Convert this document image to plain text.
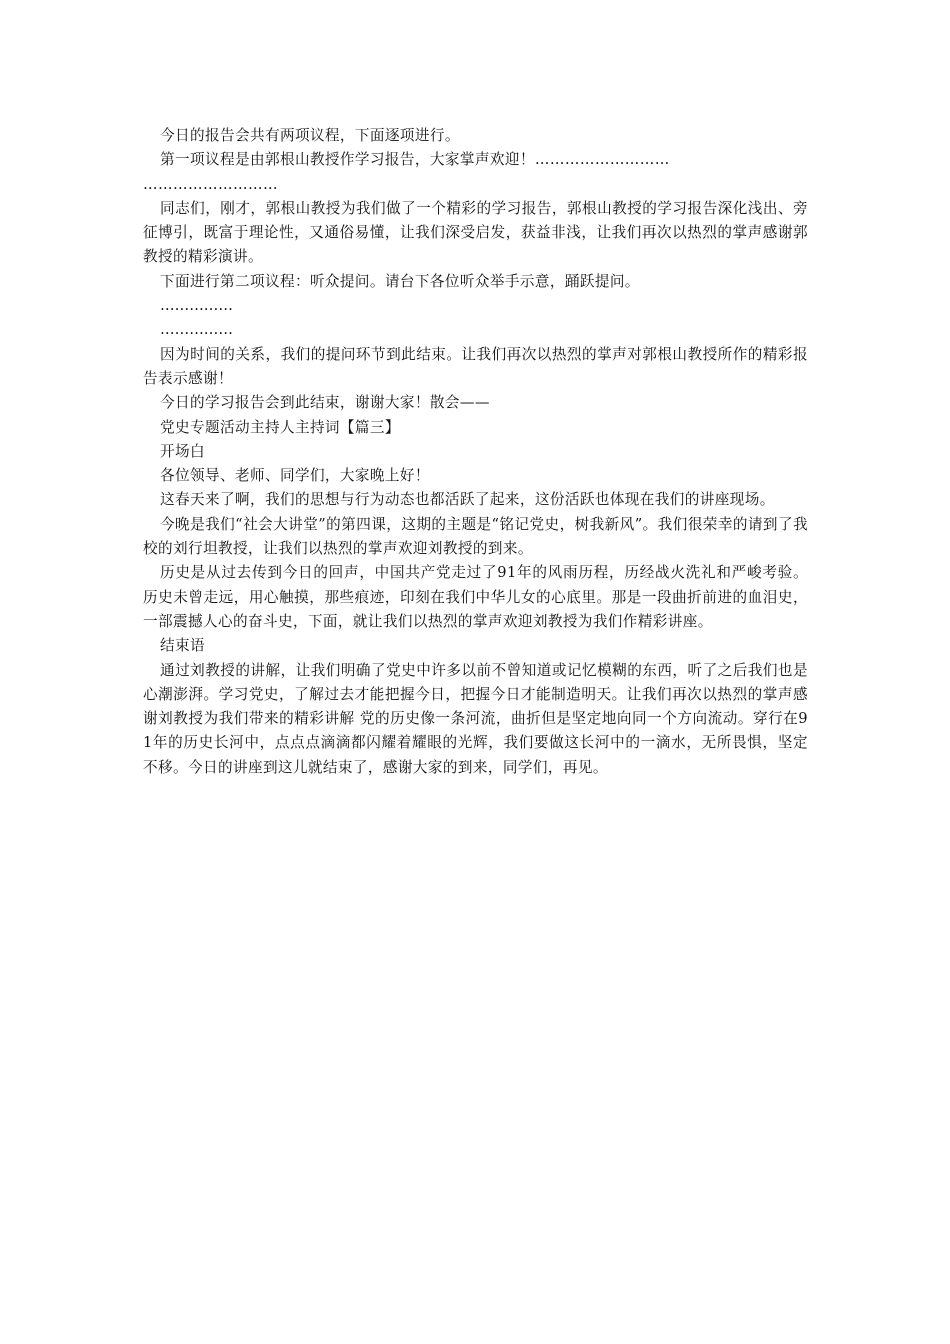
今日的报告会共有两项议程，下面逐项进行。

第一项议程是由郭根山教授作学习报告，大家掌声欢迎！………………………

………………………

同志们，刚才，郭根山教授为我们做了一个精彩的学习报告，郭根山教授的学习报告深化浅出、旁征博引，既富于理论性，又通俗易懂，让我们深受启发，获益非浅，让我们再次以热烈的掌声感谢郭教授的精彩演讲。

下面进行第二项议程：听众提问。请台下各位听众举手示意，踊跃提问。

……………

……………

因为时间的关系，我们的提问环节到此结束。让我们再次以热烈的掌声对郭根山教授所作的精彩报告表示感谢！

今日的学习报告会到此结束，谢谢大家！散会——

党史专题活动主持人主持词【篇三】

开场白

各位领导、老师、同学们，大家晚上好！

这春天来了啊，我们的思想与行为动态也都活跃了起来，这份活跃也体现在我们的讲座现场。

今晚是我们“社会大讲堂”的第四课，这期的主题是“铭记党史，树我新风”。我们很荣幸的请到了我校的刘行坦教授，让我们以热烈的掌声欢迎刘教授的到来。

历史是从过去传到今日的回声，中国共产党走过了91年的风雨历程，历经战火洗礼和严峻考验。历史未曾走远，用心触摸，那些痕迹，印刻在我们中华儿女的心底里。那是一段曲折前进的血泪史，一部震撼人心的奋斗史，下面，就让我们以热烈的掌声欢迎刘教授为我们作精彩讲座。

结束语

通过刘教授的讲解，让我们明确了党史中许多以前不曾知道或记忆模糊的东西，听了之后我们也是心潮澎湃。学习党史，了解过去才能把握今日，把握今日才能制造明天。让我们再次以热烈的掌声感谢刘教授为我们带来的精彩讲解 党的历史像一条河流，曲折但是坚定地向同一个方向流动。穿行在91年的历史长河中，点点点滴滴都闪耀着耀眼的光辉，我们要做这长河中的一滴水，无所畏惧，坚定不移。今日的讲座到这儿就结束了，感谢大家的到来，同学们，再见。
